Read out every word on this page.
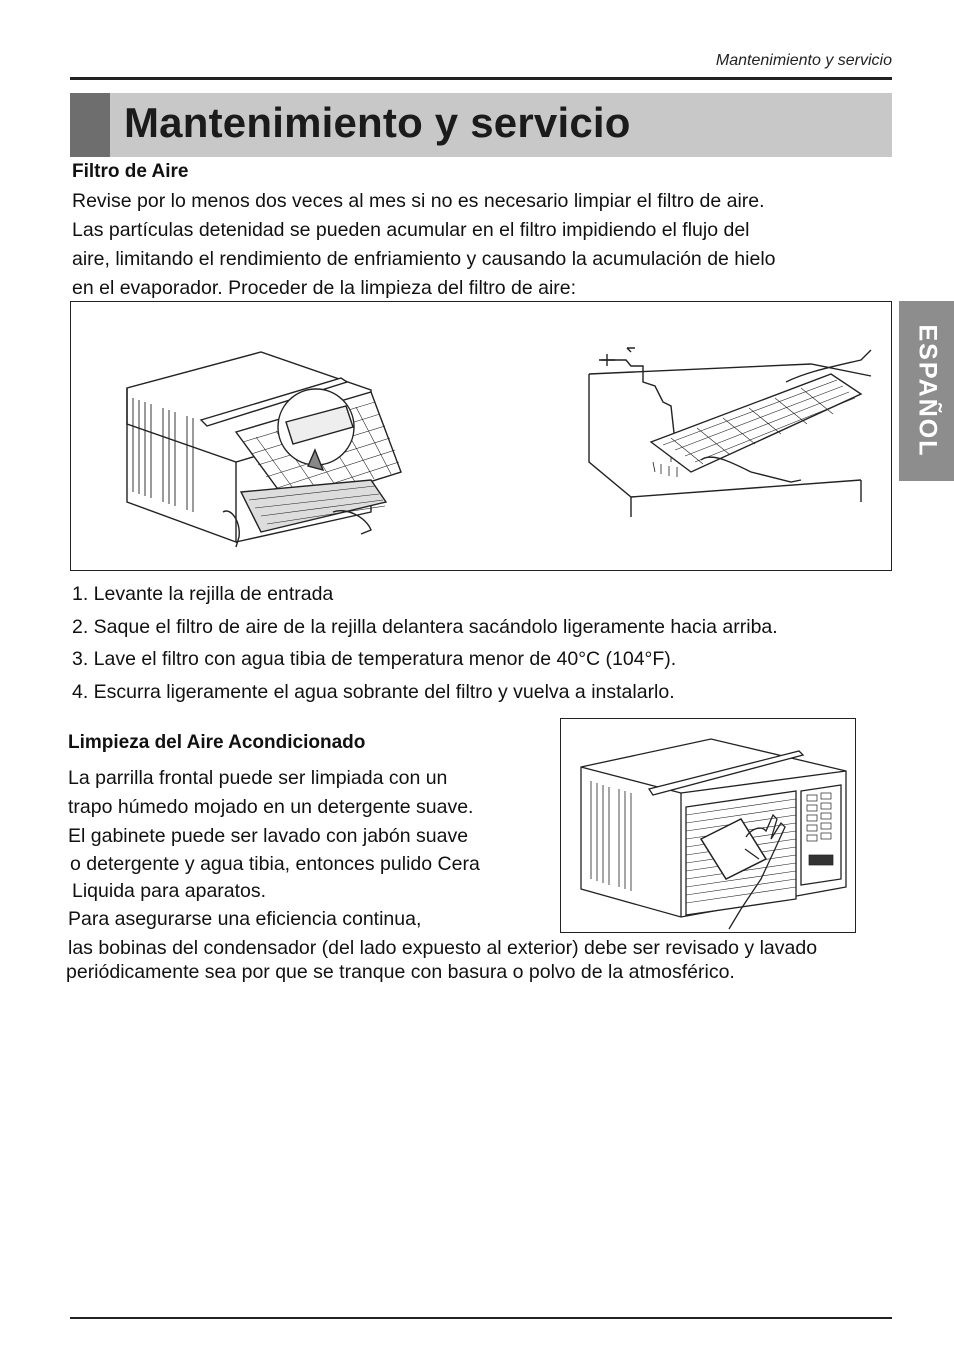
Mantenimiento y servicio
Mantenimiento y servicio
ESPAÑOL
Filtro de Aire

Revise por lo menos dos veces al mes si no es necesario limpiar el filtro de aire.

Las partículas detenidad se pueden acumular en el filtro impidiendo el flujo del

aire, limitando el rendimiento de enfriamiento y causando la acumulación de hielo

en el evaporador. Proceder de la limpieza del filtro de aire:

1. Levante la rejilla de entrada
2. Saque el filtro de aire de la rejilla delantera sacándolo ligeramente hacia arriba.
3. Lave el filtro con agua tibia de temperatura menor de 40°C (104°F).
4. Escurra ligeramente el agua sobrante del filtro y vuelva a instalarlo.
Limpieza del Aire Acondicionado
La parrilla frontal puede ser limpiada con un
trapo húmedo mojado en un detergente suave.
El gabinete puede ser lavado con jabón suave
o detergente y agua tibia, entonces pulido Cera
Liquida para aparatos.
Para asegurarse una eficiencia continua,
las bobinas del condensador (del lado expuesto al exterior) debe ser revisado y lavado
periódicamente sea por que se tranque con basura o polvo de la atmosférico.
